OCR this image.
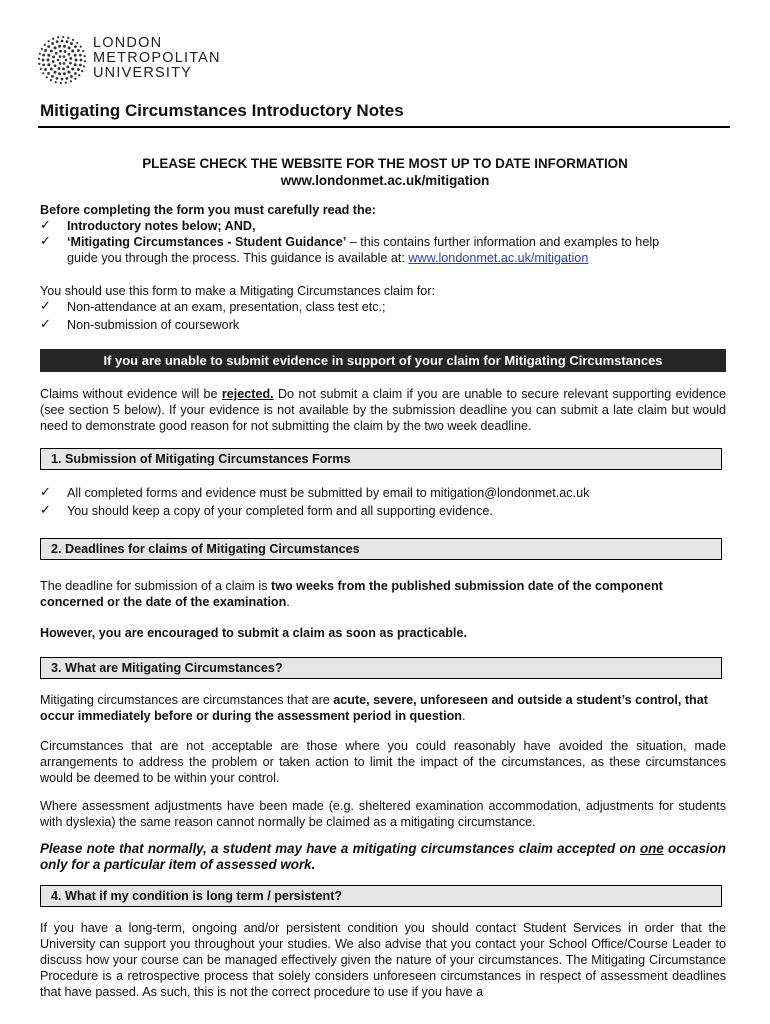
LONDON
METROPOLITAN
UNIVERSITY
Mitigating Circumstances Introductory Notes
PLEASE CHECK THE WEBSITE FOR THE MOST UP TO DATE INFORMATION
www.londonmet.ac.uk/mitigation
Before completing the form you must carefully read the:
✓ Introductory notes below; AND,
✓ ‘Mitigating Circumstances - Student Guidance’ – this contains further information and examples to help
guide you through the process. This guidance is available at: www.londonmet.ac.uk/mitigation
You should use this form to make a Mitigating Circumstances claim for:
✓ Non-attendance at an exam, presentation, class test etc.;
✓ Non-submission of coursework
If you are unable to submit evidence in support of your claim for Mitigating Circumstances
Claims without evidence will be rejected. Do not submit a claim if you are unable to secure relevant supporting evidence (see section 5 below). If your evidence is not available by the submission deadline you can submit a late claim but would need to demonstrate good reason for not submitting the claim by the two week deadline.
1. Submission of Mitigating Circumstances Forms
✓ All completed forms and evidence must be submitted by email to mitigation@londonmet.ac.uk
✓ You should keep a copy of your completed form and all supporting evidence.
2. Deadlines for claims of Mitigating Circumstances
The deadline for submission of a claim is two weeks from the published submission date of the component concerned or the date of the examination.
However, you are encouraged to submit a claim as soon as practicable.
3. What are Mitigating Circumstances?
Mitigating circumstances are circumstances that are acute, severe, unforeseen and outside a student’s control, that occur immediately before or during the assessment period in question.
Circumstances that are not acceptable are those where you could reasonably have avoided the situation, made arrangements to address the problem or taken action to limit the impact of the circumstances, as these circumstances would be deemed to be within your control.
Where assessment adjustments have been made (e.g. sheltered examination accommodation, adjustments for students with dyslexia) the same reason cannot normally be claimed as a mitigating circumstance.
Please note that normally, a student may have a mitigating circumstances claim accepted on one occasion only for a particular item of assessed work.
4. What if my condition is long term / persistent?
If you have a long-term, ongoing and/or persistent condition you should contact Student Services in order that the University can support you throughout your studies. We also advise that you contact your School Office/Course Leader to discuss how your course can be managed effectively given the nature of your circumstances. The Mitigating Circumstance Procedure is a retrospective process that solely considers unforeseen circumstances in respect of assessment deadlines that have passed. As such, this is not the correct procedure to use if you have a
